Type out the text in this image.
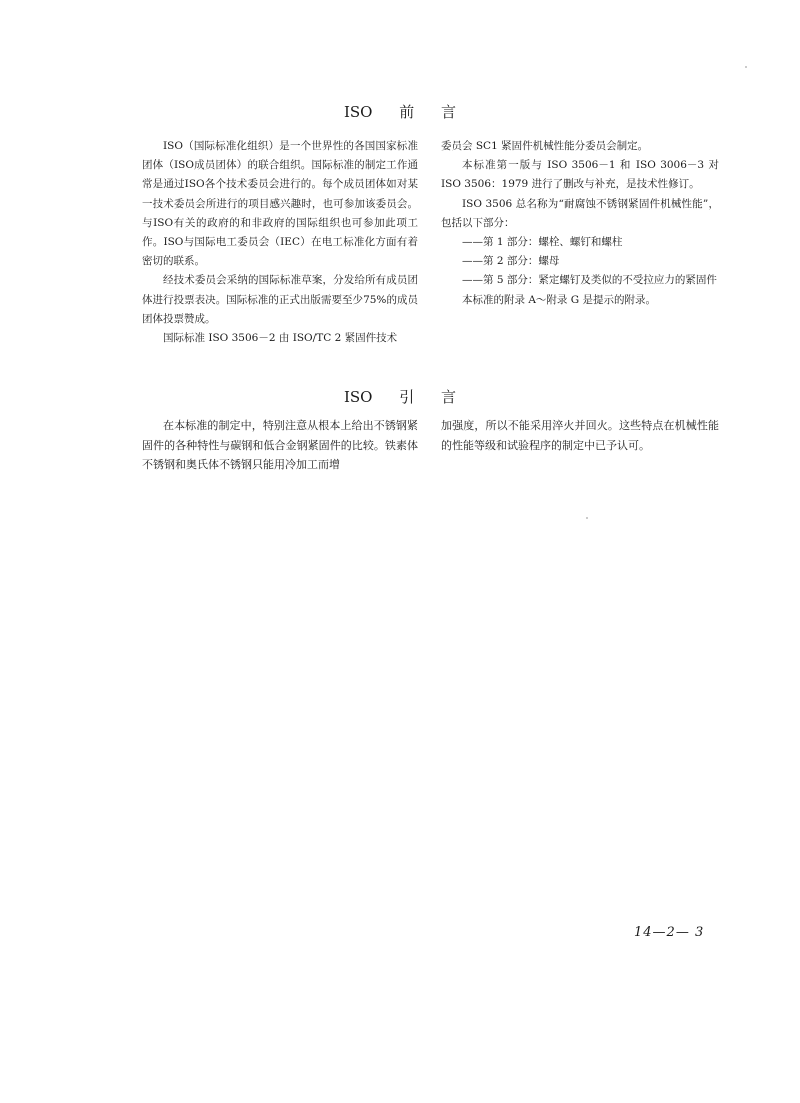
ISO 前 言

ISO（国际标准化组织）是一个世界性的各国国家标准团体（ISO成员团体）的联合组织。国际标准的制定工作通常是通过ISO各个技术委员会进行的。每个成员团体如对某一技术委员会所进行的项目感兴趣时，也可参加该委员会。与ISO有关的政府的和非政府的国际组织也可参加此项工作。ISO与国际电工委员会（IEC）在电工标准化方面有着密切的联系。

经技术委员会采纳的国际标准草案，分发给所有成员团体进行投票表决。国际标准的正式出版需要至少75%的成员团体投票赞成。

国际标准 ISO 3506－2 由 ISO/TC 2 紧固件技术

委员会 SC1 紧固件机械性能分委员会制定。

本标准第一版与 ISO 3506－1 和 ISO 3006－3 对 ISO 3506：1979 进行了删改与补充，是技术性修订。

ISO 3506 总名称为“耐腐蚀不锈钢紧固件机械性能”，包括以下部分：

——第 1 部分：螺栓、螺钉和螺柱

——第 2 部分：螺母

——第 5 部分：紧定螺钉及类似的不受拉应力的紧固件

本标准的附录 A～附录 G 是提示的附录。

ISO 引 言

在本标准的制定中，特别注意从根本上给出不锈钢紧固件的各种特性与碳钢和低合金钢紧固件的比较。铁素体不锈钢和奥氏体不锈钢只能用冷加工而增

加强度，所以不能采用淬火并回火。这些特点在机械性能的性能等级和试验程序的制定中已予认可。

14—2— 3
